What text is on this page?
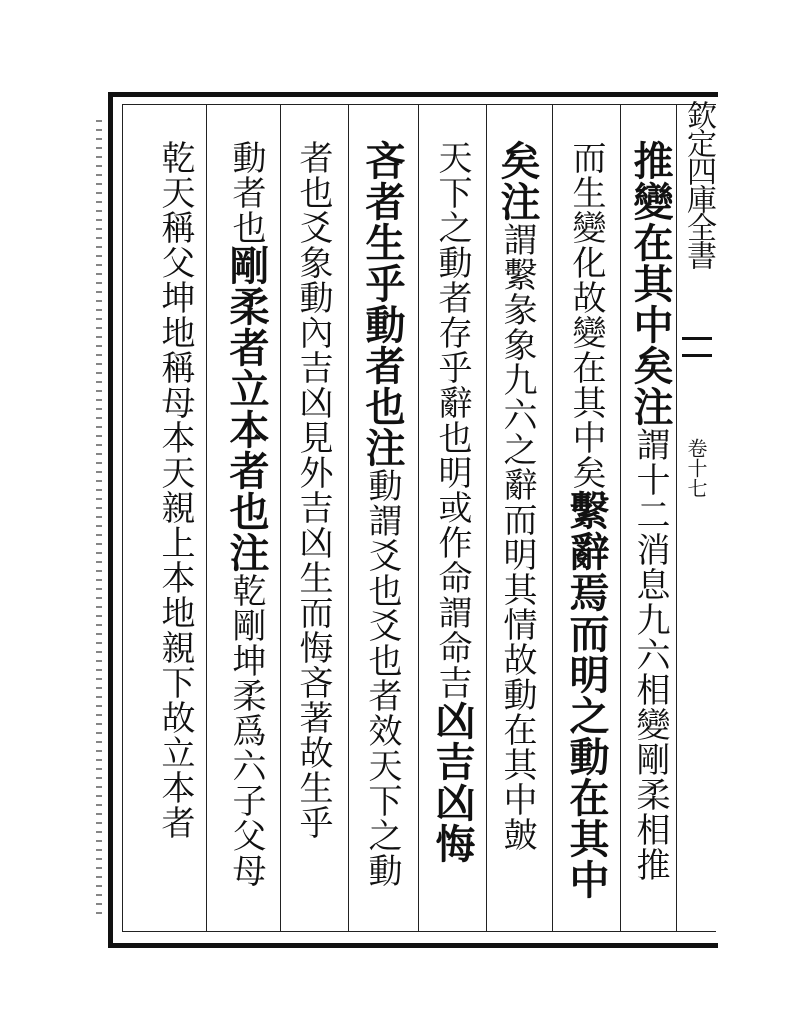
推變在其中矣注謂十二消息九六相變剛柔相推
而生變化故變在其中矣繫辭焉而明之動在其中
矣注謂繫彖象九六之辭而明其情故動在其中皷
天下之動者存乎辭也明或作命謂命吉凶吉凶悔
吝者生乎動者也注動謂爻也爻也者效天下之動
者也爻象動內吉凶見外吉凶生而悔吝著故生乎
動者也剛柔者立本者也注乾剛坤柔爲六子父母
乾天稱父坤地稱母本天親上本地親下故立本者	欽定四庫全書
卷十七
